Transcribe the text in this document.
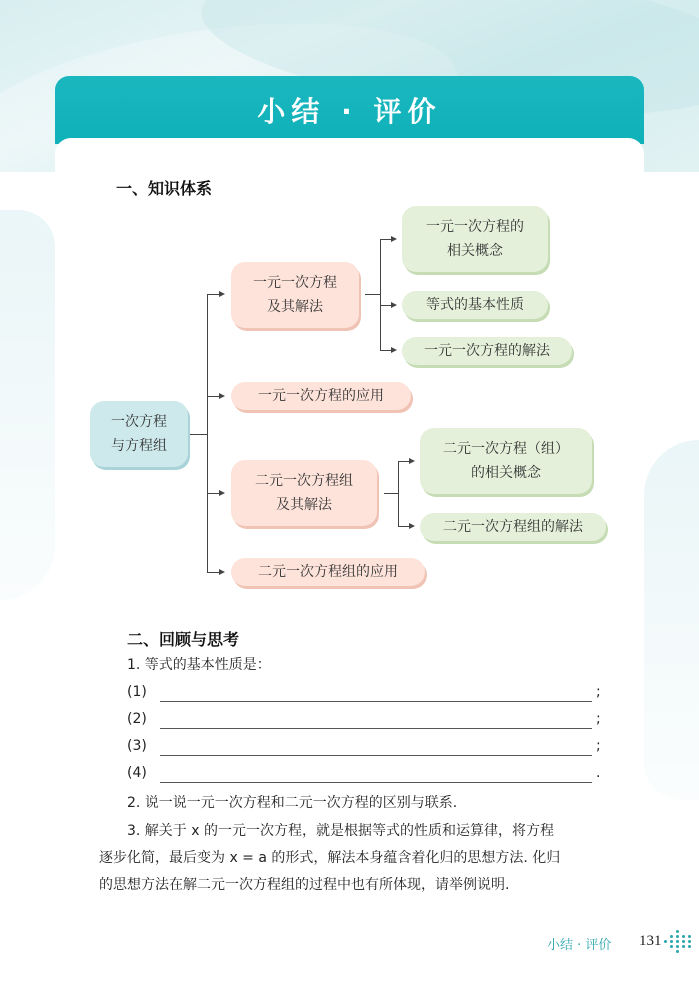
小结 · 评价
一、知识体系
一次方程
与方程组
一元一次方程
及其解法
一元一次方程的
相关概念
等式的基本性质
一元一次方程的解法
一元一次方程的应用
二元一次方程组
及其解法
二元一次方程（组）
的相关概念
二元一次方程组的解法
二元一次方程组的应用
二、回顾与思考
1. 等式的基本性质是：
(1)	;
(2)	;
(3)	;
(4)	.
2. 说一说一元一次方程和二元一次方程的区别与联系.
3. 解关于 x 的一元一次方程，就是根据等式的性质和运算律，将方程
逐步化简，最后变为 x = a 的形式，解法本身蕴含着化归的思想方法. 化归
的思想方法在解二元一次方程组的过程中也有所体现，请举例说明.
小结 · 评价 131
